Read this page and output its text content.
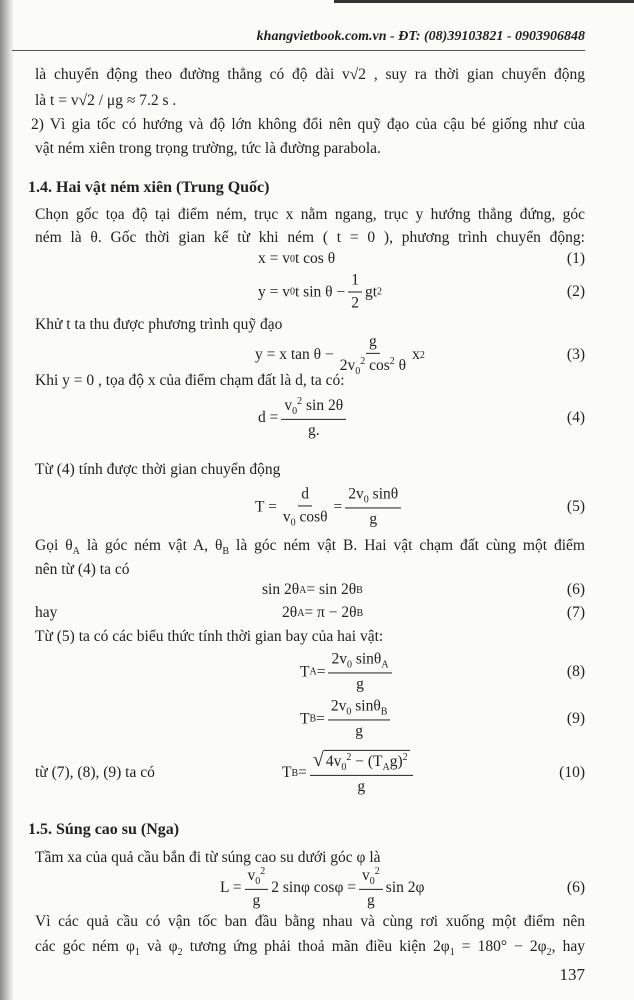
khangvietbook.com.vn - ĐT: (08)39103821 - 0903906848
là chuyển động theo đường thẳng có độ dài v√2 , suy ra thời gian chuyển động
là t = v√2 / μg ≈ 7.2 s .
2) Vì gia tốc có hướng và độ lớn không đổi nên quỹ đạo của cậu bé giống như của
vật ném xiên trong trọng trường, tức là đường parabola.
1.4. Hai vật ném xiên (Trung Quốc)
Chọn gốc tọa độ tại điểm ném, trục x nằm ngang, trục y hướng thẳng đứng, góc
ném là θ. Gốc thời gian kể từ khi ném ( t = 0 ), phương trình chuyển động:
x = v 0 t cos θ	(1)
y = v 0 t $\sin \theta - \frac{1}{2}$ gt 2	(2)
Khử t ta thu được phương trình quỹ đạo
y = x $\tan \theta - \frac{g}{2v_0^2 \cos^2 \theta}$ x 2	(3)
Khi y = 0 , tọa độ x của điểm chạm đất là d, ta có:
$d = \frac{v_0^2 \sin 2\theta}{g.}$	(4)
Từ (4) tính được thời gian chuyển động
$T = \frac{d}{v_0 \cos\theta} = \frac{2v_0 \sin\theta}{g}$	(5)
Gọi $\theta_A$ là góc ném vật A, $\theta_B$ là góc ném vật B. Hai vật chạm đất cùng một điểm
nên từ (4) ta có
sin 2θ A = sin 2θ B	(6)
hay	2θ A = π − 2θ B	(7)
Từ (5) ta có các biểu thức tính thời gian bay của hai vật:
T $A = \frac{2v_0 \sin\theta_A}{g}$	(8)
T $B = \frac{2v_0 \sin\theta_B}{g}$	(9)
từ (7), (8), (9) ta có	T $B = \frac{√ 4v_0^2 - (T_Ag)^2}{g}$	(10)
1.5. Súng cao su (Nga)
Tầm xa của quả cầu bắn đi từ súng cao su dưới góc φ là
$L = \frac{v_0^2}{g} 2$ sinφ $\cos\varphi = \frac{v_0^2}{g}$ sin 2φ	(6)
Vì các quả cầu có vận tốc ban đầu bằng nhau và cùng rơi xuống một điểm nên
các góc ném $\varphi_1$ và $\varphi_2$ tương ứng phải thoả mãn điều kiện $2\varphi_1 = 180^\circ - 2\varphi_2$, hay
137
